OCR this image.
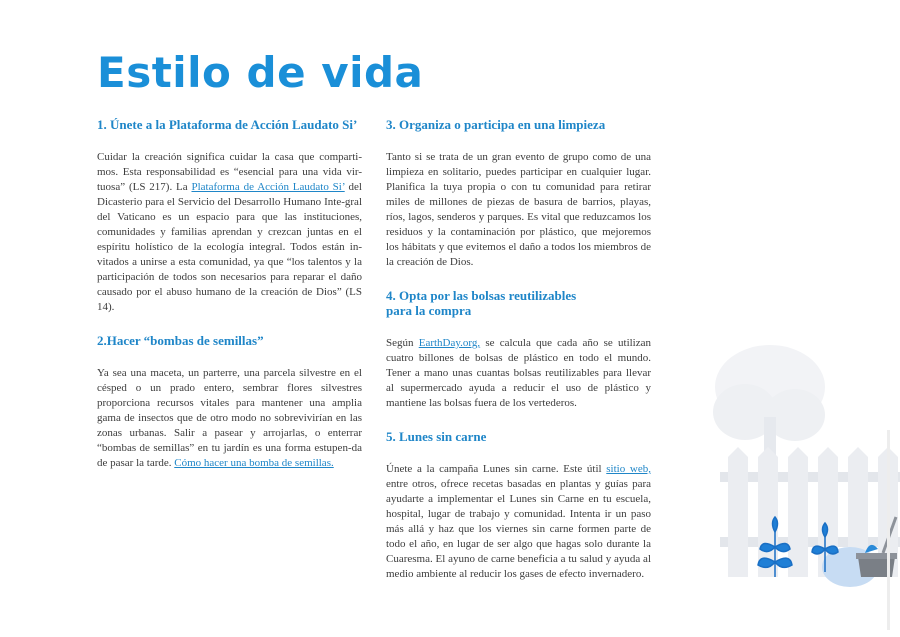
Estilo de vida
1. Únete a la Plataforma de Acción Laudato Si’

Cuidar la creación significa cuidar la casa que comparti-mos. Esta responsabilidad es “esencial para una vida vir-tuosa” (LS 217). La Plataforma de Acción Laudato Si’ del Dicasterio para el Servicio del Desarrollo Humano Inte-gral del Vaticano es un espacio para que las instituciones, comunidades y familias aprendan y crezcan juntas en el espíritu holístico de la ecología integral. Todos están in-vitados a unirse a esta comunidad, ya que “los talentos y la participación de todos son necesarios para reparar el daño causado por el abuso humano de la creación de Dios” (LS 14).

2.Hacer “bombas de semillas”

Ya sea una maceta, un parterre, una parcela silvestre en el césped o un prado entero, sembrar flores silvestres proporciona recursos vitales para mantener una amplia gama de insectos que de otro modo no sobrevivirían en las zonas urbanas. Salir a pasear y arrojarlas, o enterrar “bombas de semillas” en tu jardín es una forma estupen-da de pasar la tarde. Cómo hacer una bomba de semillas.

3. Organiza o participa en una limpieza

Tanto si se trata de un gran evento de grupo como de una limpieza en solitario, puedes participar en cualquier lugar. Planifica la tuya propia o con tu comunidad para retirar miles de millones de piezas de basura de barrios, playas, ríos, lagos, senderos y parques. Es vital que reduzcamos los residuos y la contaminación por plástico, que mejoremos los hábitats y que evitemos el daño a todos los miembros de la creación de Dios.

4. Opta por las bolsas reutilizables
para la compra

Según EarthDay.org, se calcula que cada año se utilizan cuatro billones de bolsas de plástico en todo el mundo. Tener a mano unas cuantas bolsas reutilizables para llevar al supermercado ayuda a reducir el uso de plástico y mantiene las bolsas fuera de los vertederos.

5. Lunes sin carne

Únete a la campaña Lunes sin carne. Este útil sitio web, entre otros, ofrece recetas basadas en plantas y guías para ayudarte a implementar el Lunes sin Carne en tu escuela, hospital, lugar de trabajo y comunidad. Intenta ir un paso más allá y haz que los viernes sin carne formen parte de todo el año, en lugar de ser algo que hagas solo durante la Cuaresma. El ayuno de carne beneficia a tu salud y ayuda al medio ambiente al reducir los gases de efecto invernadero.
